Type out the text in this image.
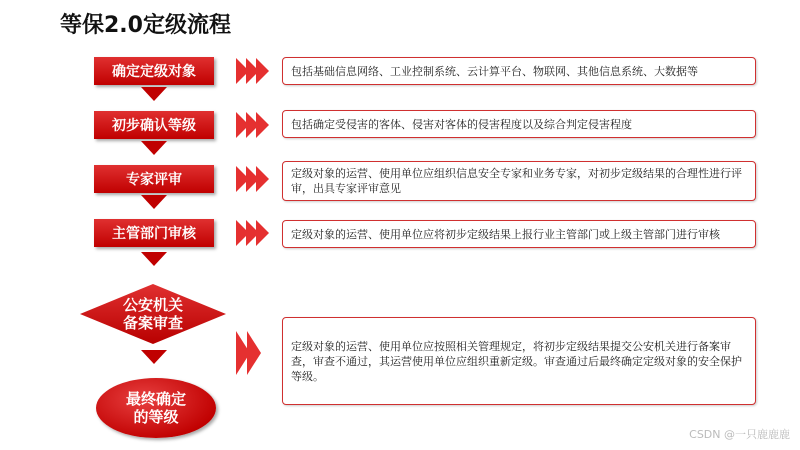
等保2.0定级流程
确定定级对象	包括基础信息网络、工业控制系统、云计算平台、物联网、其他信息系统、大数据等
初步确认等级	包括确定受侵害的客体、侵害对客体的侵害程度以及综合判定侵害程度
专家评审	定级对象的运营、使用单位应组织信息安全专家和业务专家，对初步定级结果的合理性进行评审，出具专家评审意见
主管部门审核	定级对象的运营、使用单位应将初步定级结果上报行业主管部门或上级主管部门进行审核
公安机关备案审查
定级对象的运营、使用单位应按照相关管理规定，将初步定级结果提交公安机关进行备案审查，审查不通过，其运营使用单位应组织重新定级。审查通过后最终确定定级对象的安全保护等级。
最终确定的等级
CSDN @一只鹿鹿鹿
